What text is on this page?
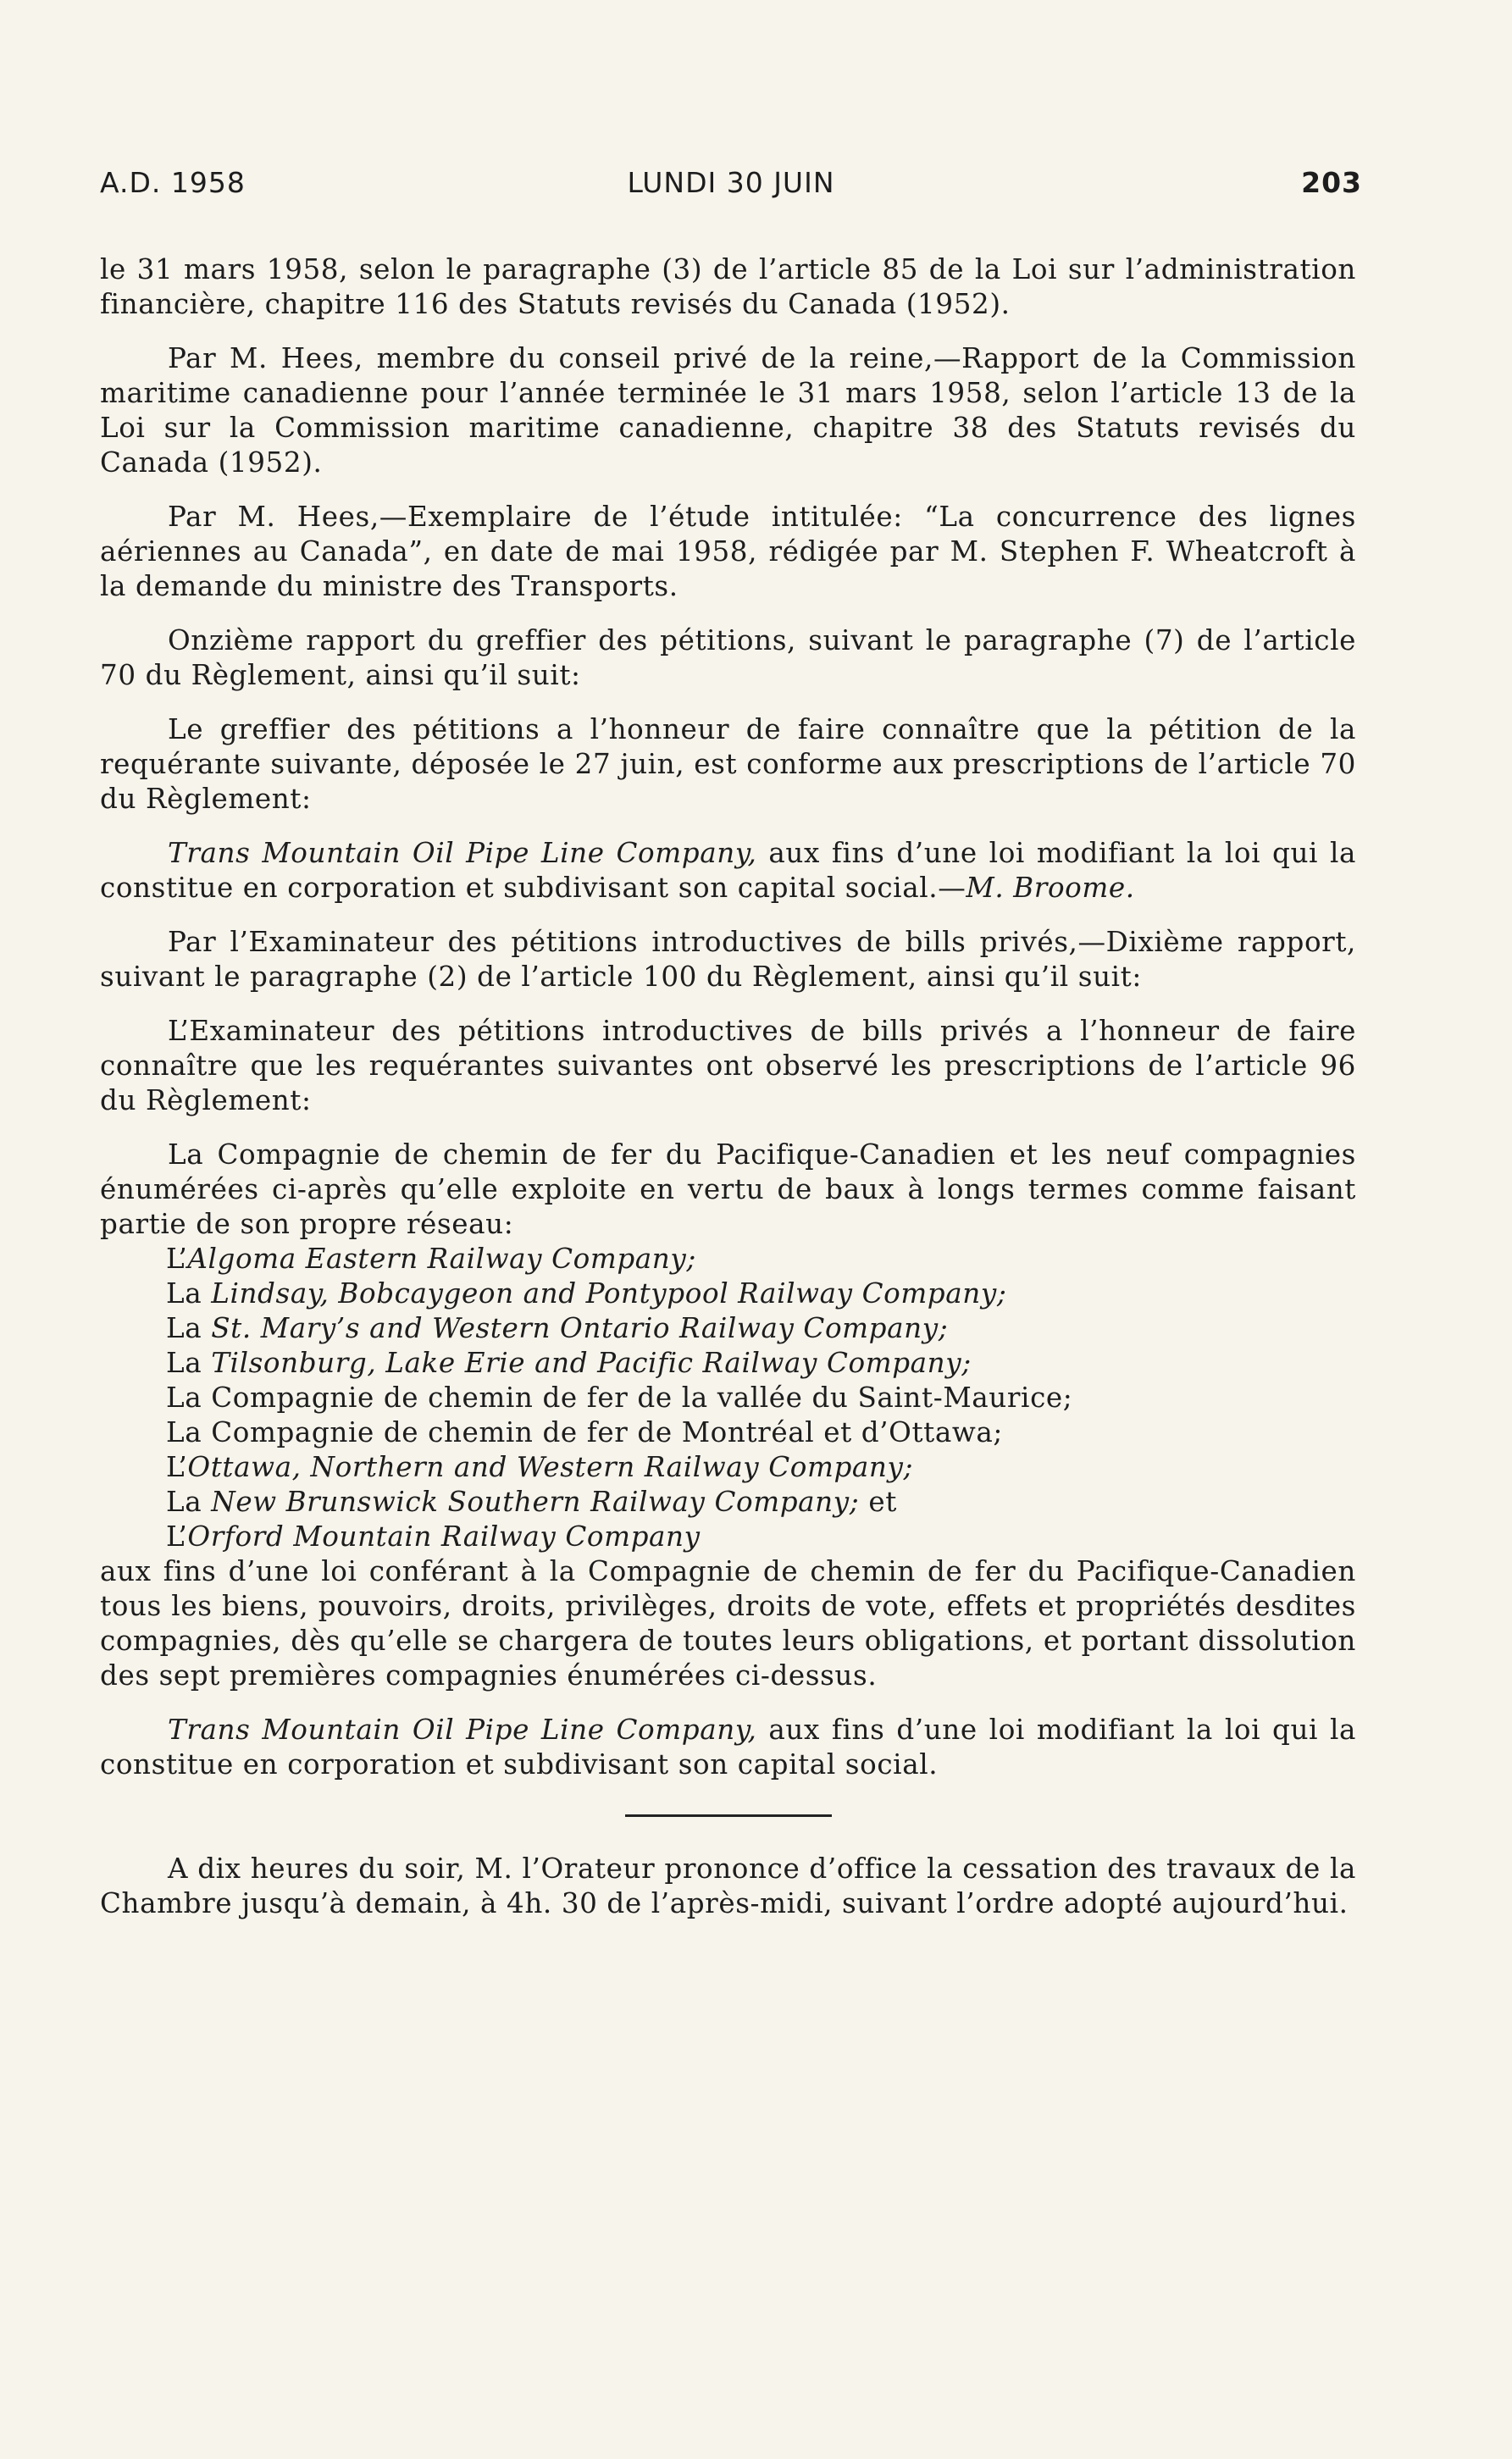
A.D. 1958	LUNDI 30 JUIN	203

le 31 mars 1958, selon le paragraphe (3) de l’article 85 de la Loi sur l’administration financière, chapitre 116 des Statuts revisés du Canada (1952).

Par M. Hees, membre du conseil privé de la reine,—Rapport de la Commission maritime canadienne pour l’année terminée le 31 mars 1958, selon l’article 13 de la Loi sur la Commission maritime canadienne, chapitre 38 des Statuts revisés du Canada (1952).

Par M. Hees,—Exemplaire de l’étude intitulée: “La concurrence des lignes aériennes au Canada”, en date de mai 1958, rédigée par M. Stephen F. Wheatcroft à la demande du ministre des Transports.

Onzième rapport du greffier des pétitions, suivant le paragraphe (7) de l’article 70 du Règlement, ainsi qu’il suit:

Le greffier des pétitions a l’honneur de faire connaître que la pétition de la requérante suivante, déposée le 27 juin, est conforme aux prescriptions de l’article 70 du Règlement:

Trans Mountain Oil Pipe Line Company, aux fins d’une loi modifiant la loi qui la constitue en corporation et subdivisant son capital social.—M. Broome.

Par l’Examinateur des pétitions introductives de bills privés,—Dixième rapport, suivant le paragraphe (2) de l’article 100 du Règlement, ainsi qu’il suit:

L’Examinateur des pétitions introductives de bills privés a l’honneur de faire connaître que les requérantes suivantes ont observé les prescriptions de l’article 96 du Règlement:

La Compagnie de chemin de fer du Pacifique-Canadien et les neuf compagnies énumérées ci-après qu’elle exploite en vertu de baux à longs termes comme faisant partie de son propre réseau:

L’Algoma Eastern Railway Company;
La Lindsay, Bobcaygeon and Pontypool Railway Company;
La St. Mary’s and Western Ontario Railway Company;
La Tilsonburg, Lake Erie and Pacific Railway Company;
La Compagnie de chemin de fer de la vallée du Saint-Maurice;
La Compagnie de chemin de fer de Montréal et d’Ottawa;
L’Ottawa, Northern and Western Railway Company;
La New Brunswick Southern Railway Company; et
L’Orford Mountain Railway Company

aux fins d’une loi conférant à la Compagnie de chemin de fer du Pacifique-Canadien tous les biens, pouvoirs, droits, privilèges, droits de vote, effets et propriétés desdites compagnies, dès qu’elle se chargera de toutes leurs obligations, et portant dissolution des sept premières compagnies énumérées ci-dessus.

Trans Mountain Oil Pipe Line Company, aux fins d’une loi modifiant la loi qui la constitue en corporation et subdivisant son capital social.

A dix heures du soir, M. l’Orateur prononce d’office la cessation des travaux de la Chambre jusqu’à demain, à 4h. 30 de l’après-midi, suivant l’ordre adopté aujourd’hui.
